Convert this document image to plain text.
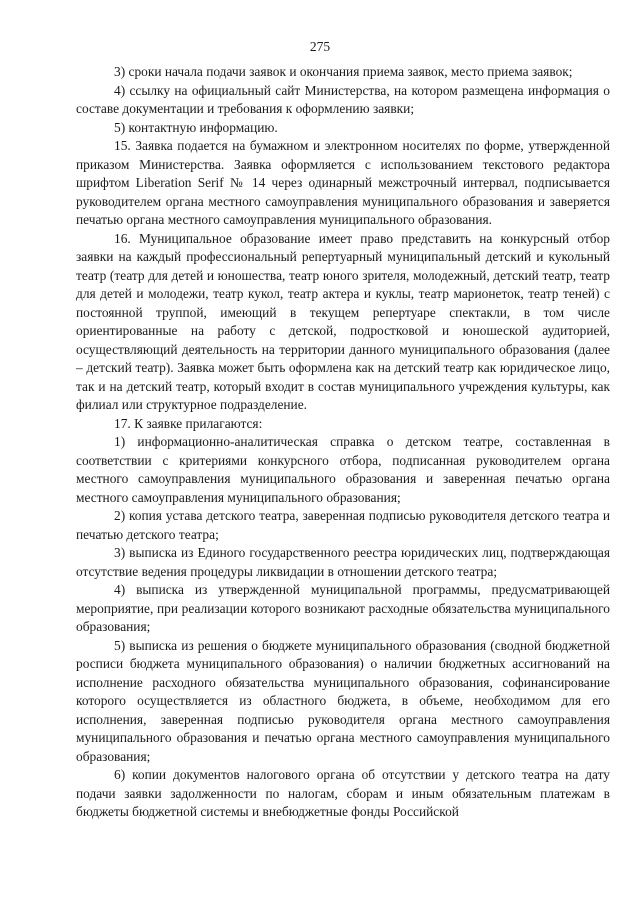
275

3) сроки начала подачи заявок и окончания приема заявок, место приема заявок;

4) ссылку на официальный сайт Министерства, на котором размещена информация о составе документации и требования к оформлению заявки;

5) контактную информацию.

15. Заявка подается на бумажном и электронном носителях по форме, утвержденной приказом Министерства. Заявка оформляется с использованием текстового редактора шрифтом Liberation Serif № 14 через одинарный межстрочный интервал, подписывается руководителем органа местного самоуправления муниципального образования и заверяется печатью органа местного самоуправления муниципального образования.

16. Муниципальное образование имеет право представить на конкурсный отбор заявки на каждый профессиональный репертуарный муниципальный детский и кукольный театр (театр для детей и юношества, театр юного зрителя, молодежный, детский театр, театр для детей и молодежи, театр кукол, театр актера и куклы, театр марионеток, театр теней) с постоянной труппой, имеющий в текущем репертуаре спектакли, в том числе ориентированные на работу с детской, подростковой и юношеской аудиторией, осуществляющий деятельность на территории данного муниципального образования (далее – детский театр). Заявка может быть оформлена как на детский театр как юридическое лицо, так и на детский театр, который входит в состав муниципального учреждения культуры, как филиал или структурное подразделение.

17. К заявке прилагаются:

1) информационно-аналитическая справка о детском театре, составленная в соответствии с критериями конкурсного отбора, подписанная руководителем органа местного самоуправления муниципального образования и заверенная печатью органа местного самоуправления муниципального образования;

2) копия устава детского театра, заверенная подписью руководителя детского театра и печатью детского театра;

3) выписка из Единого государственного реестра юридических лиц, подтверждающая отсутствие ведения процедуры ликвидации в отношении детского театра;

4) выписка из утвержденной муниципальной программы, предусматривающей мероприятие, при реализации которого возникают расходные обязательства муниципального образования;

5) выписка из решения о бюджете муниципального образования (сводной бюджетной росписи бюджета муниципального образования) о наличии бюджетных ассигнований на исполнение расходного обязательства муниципального образования, софинансирование которого осуществляется из областного бюджета, в объеме, необходимом для его исполнения, заверенная подписью руководителя органа местного самоуправления муниципального образования и печатью органа местного самоуправления муниципального образования;

6) копии документов налогового органа об отсутствии у детского театра на дату подачи заявки задолженности по налогам, сборам и иным обязательным платежам в бюджеты бюджетной системы и внебюджетные фонды Российской
